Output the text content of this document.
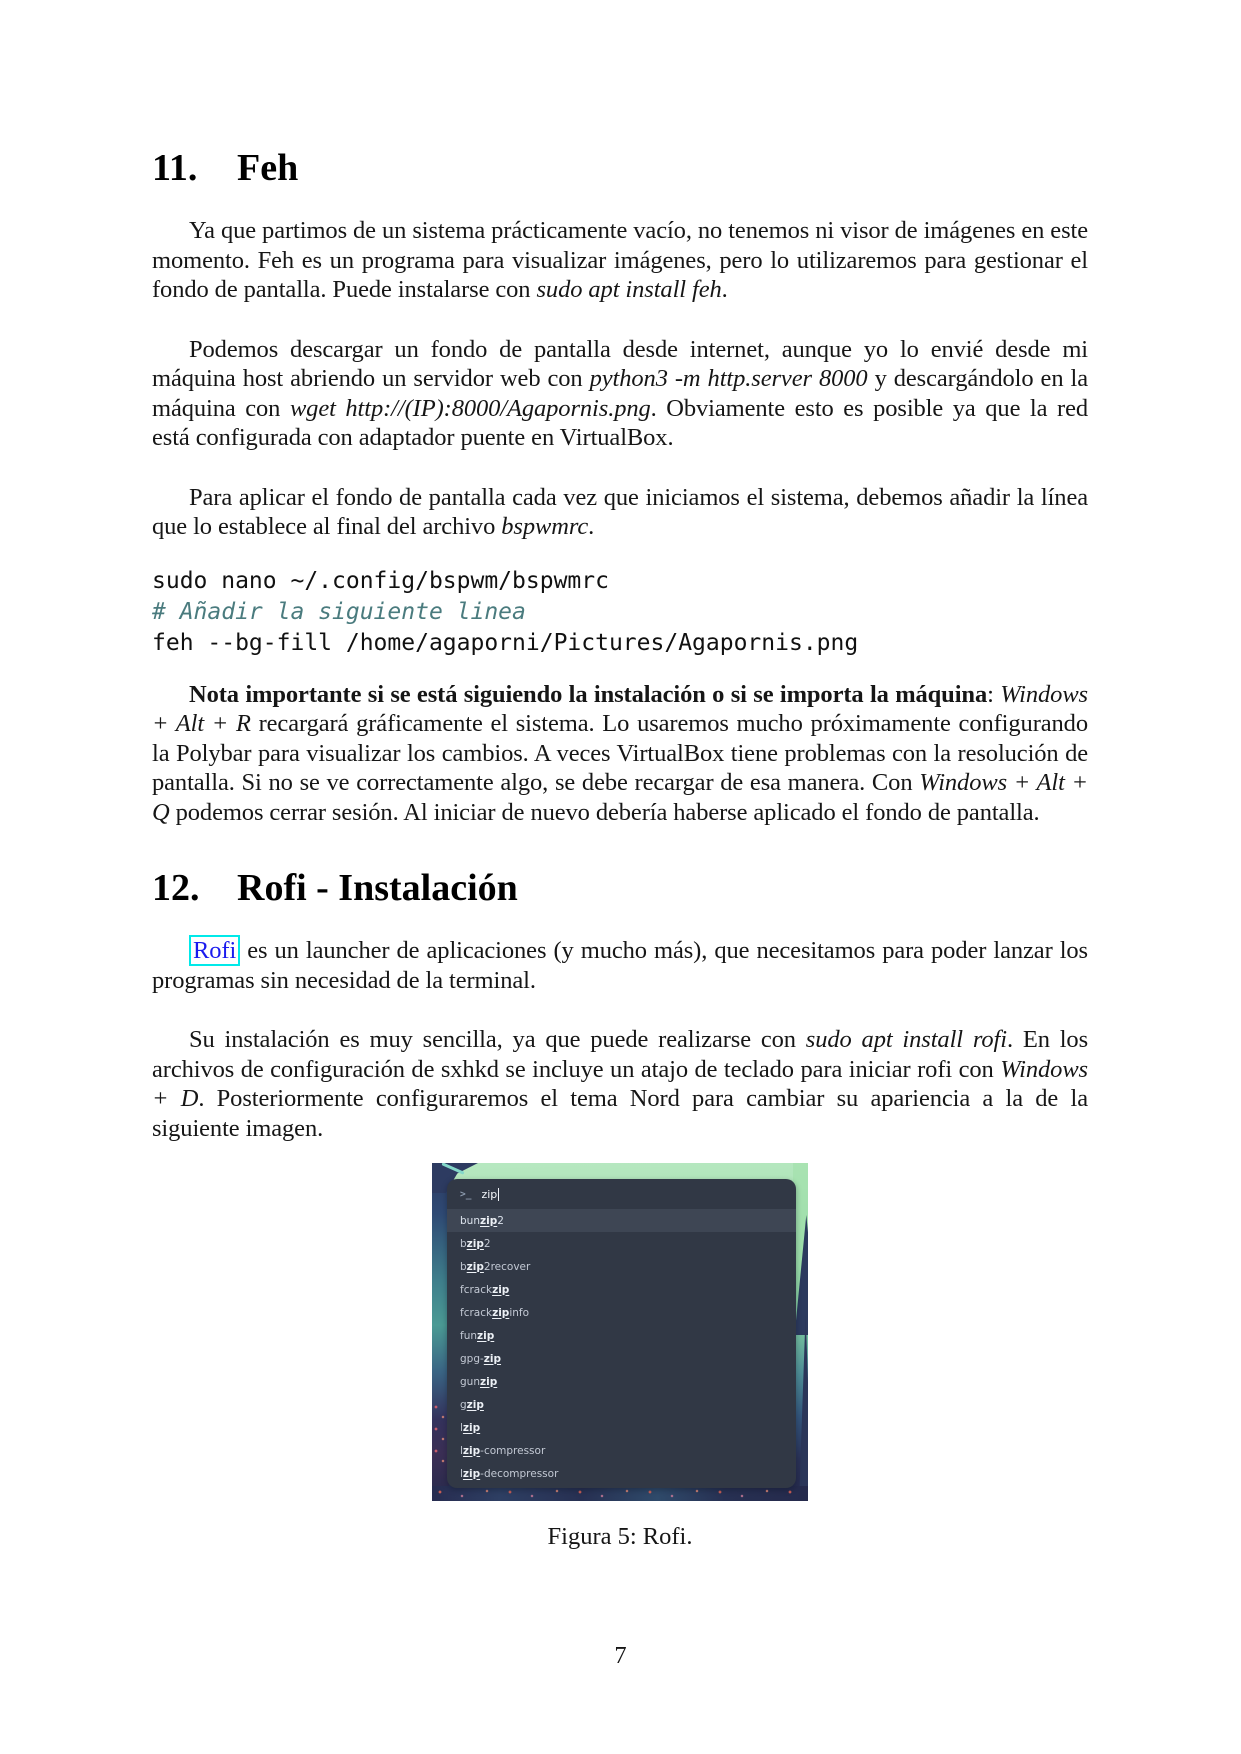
11. Feh

Ya que partimos de un sistema prácticamente vacío, no tenemos ni visor de imágenes en este momento. Feh es un programa para visualizar imágenes, pero lo utilizaremos para gestionar el fondo de pantalla. Puede instalarse con sudo apt install feh.

Podemos descargar un fondo de pantalla desde internet, aunque yo lo envié desde mi máquina host abriendo un servidor web con python3 -m http.server 8000 y descargándolo en la máquina con wget http://(IP):8000/Agapornis.png. Obviamente esto es posible ya que la red está configurada con adaptador puente en VirtualBox.

Para aplicar el fondo de pantalla cada vez que iniciamos el sistema, debemos añadir la línea que lo establece al final del archivo bspwmrc.

sudo nano ~/.config/bspwm/bspwmrc
# Añadir la siguiente linea
feh --bg-fill /home/agaporni/Pictures/Agapornis.png

Nota importante si se está siguiendo la instalación o si se importa la máquina: Windows + Alt + R recargará gráficamente el sistema. Lo usaremos mucho próximamente configurando la Polybar para visualizar los cambios. A veces VirtualBox tiene problemas con la resolución de pantalla. Si no se ve correctamente algo, se debe recargar de esa manera. Con Windows + Alt + Q podemos cerrar sesión. Al iniciar de nuevo debería haberse aplicado el fondo de pantalla.

12. Rofi - Instalación

Rofi es un launcher de aplicaciones (y mucho más), que necesitamos para poder lanzar los programas sin necesidad de la terminal.

Su instalación es muy sencilla, ya que puede realizarse con sudo apt install rofi. En los archivos de configuración de sxhkd se incluye un atajo de teclado para iniciar rofi con Windows + D. Posteriormente configuraremos el tema Nord para cambiar su apariencia a la de la siguiente imagen.

>_ zip
bun zip 2
b zip 2
b zip 2recover
fcrack zip
fcrack zip info
fun zip
gpg- zip
gun zip
g zip
l zip
l zip -compressor
l zip -decompressor
Figura 5: Rofi.
7
